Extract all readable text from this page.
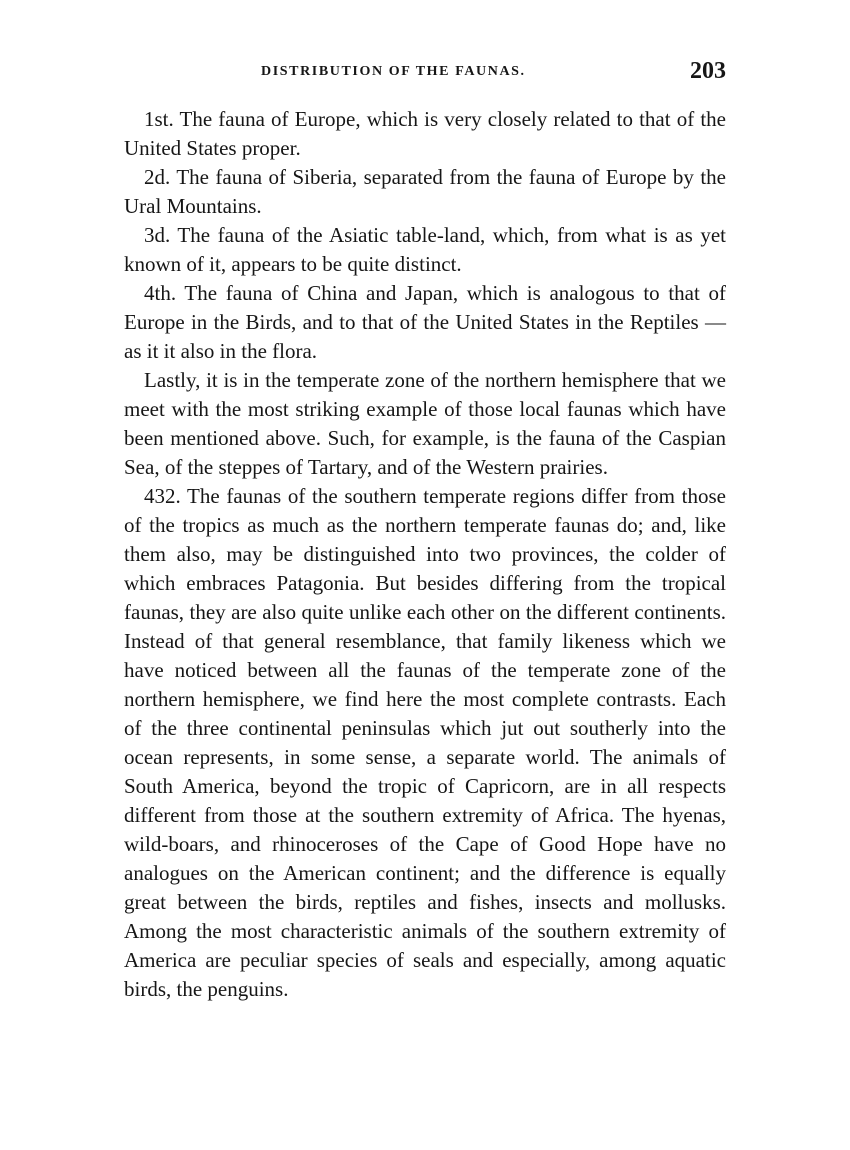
DISTRIBUTION OF THE FAUNAS.	203

1st. The fauna of Europe, which is very closely related to that of the United States proper.

2d. The fauna of Siberia, separated from the fauna of Europe by the Ural Mountains.

3d. The fauna of the Asiatic table-land, which, from what is as yet known of it, appears to be quite distinct.

4th. The fauna of China and Japan, which is analogous to that of Europe in the Birds, and to that of the United States in the Reptiles — as it it also in the flora.

Lastly, it is in the temperate zone of the northern hemisphere that we meet with the most striking example of those local faunas which have been mentioned above. Such, for example, is the fauna of the Caspian Sea, of the steppes of Tartary, and of the Western prairies.

432. The faunas of the southern temperate regions differ from those of the tropics as much as the northern temperate faunas do; and, like them also, may be distinguished into two provinces, the colder of which embraces Patagonia. But besides differing from the tropical faunas, they are also quite unlike each other on the different continents. Instead of that general resemblance, that family likeness which we have noticed between all the faunas of the temperate zone of the northern hemisphere, we find here the most complete contrasts. Each of the three continental peninsulas which jut out southerly into the ocean represents, in some sense, a separate world. The animals of South America, beyond the tropic of Capricorn, are in all respects different from those at the southern extremity of Africa. The hyenas, wild-boars, and rhinoceroses of the Cape of Good Hope have no analogues on the American continent; and the difference is equally great between the birds, reptiles and fishes, insects and mollusks. Among the most characteristic animals of the southern extremity of America are peculiar species of seals and especially, among aquatic birds, the penguins.
